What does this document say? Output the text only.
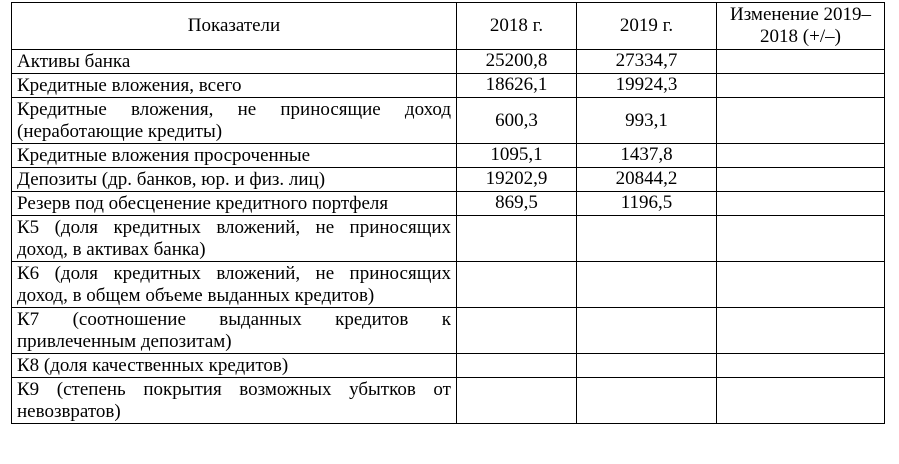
Показатели	2018 г.	2019 г.	Изменение 2019–2018 (+/–)
Активы банка	25200,8	27334,7	
Кредитные вложения, всего	18626,1	19924,3	
Кредитные вложения, не приносящие доход (неработающие кредиты)	600,3	993,1	
Кредитные вложения просроченные	1095,1	1437,8	
Депозиты (др. банков, юр. и физ. лиц)	19202,9	20844,2	
Резерв под обесценение кредитного портфеля	869,5	1196,5	
К5 (доля кредитных вложений, не приносящих доход, в активах банка)			
К6 (доля кредитных вложений, не приносящих доход, в общем объеме выданных кредитов)			
К7 (соотношение выданных кредитов к привлеченным депозитам)			
К8 (доля качественных кредитов)			
К9 (степень покрытия возможных убытков от невозвратов)			
